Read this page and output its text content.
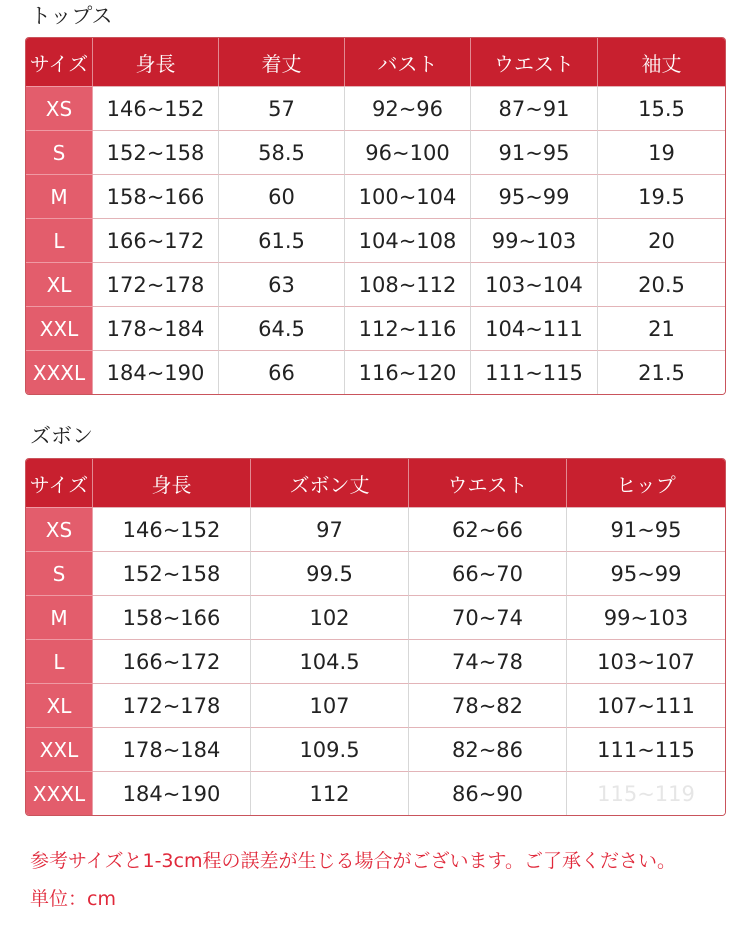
トップス
サイズ	身長	着丈	バスト	ウエスト	袖丈
XS	146~152	57	92~96	87~91	15.5
S	152~158	58.5	96~100	91~95	19
M	158~166	60	100~104	95~99	19.5
L	166~172	61.5	104~108	99~103	20
XL	172~178	63	108~112	103~104	20.5
XXL	178~184	64.5	112~116	104~111	21
XXXL	184~190	66	116~120	111~115	21.5
ズボン
サイズ	身長	ズボン丈	ウエスト	ヒップ
XS	146~152	97	62~66	91~95
S	152~158	99.5	66~70	95~99
M	158~166	102	70~74	99~103
L	166~172	104.5	74~78	103~107
XL	172~178	107	78~82	107~111
XXL	178~184	109.5	82~86	111~115
XXXL	184~190	112	86~90	115~119
参考サイズと1-3cm程の誤差が生じる場合がございます。ご了承ください。
単位：cm
